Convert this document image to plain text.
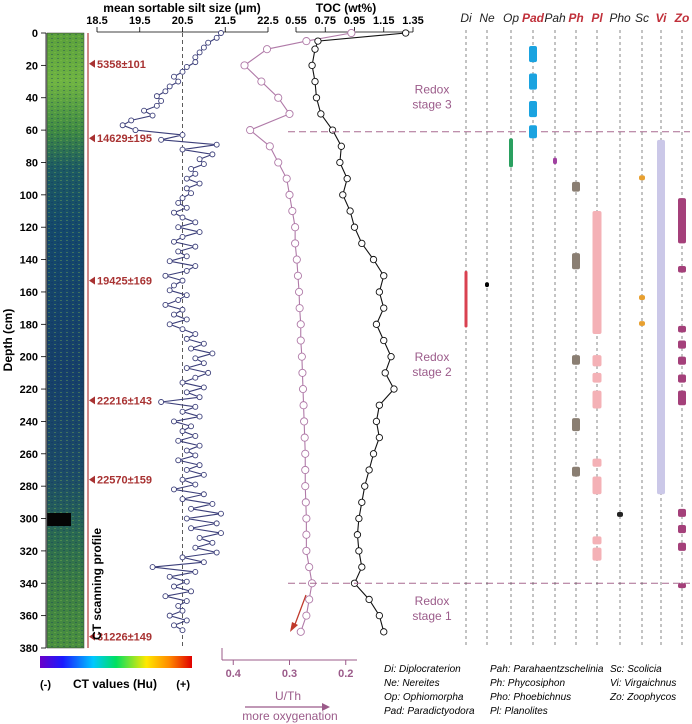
0
20
40
60
80
100
120
140
160
180
200
220
240
260
280
300
320
340
360
380
Depth (cm)
5358±101
14629±195
19425±169
22216±143
22570±159
31226±149
CT scanning profile
(-) CT values (Hu) (+)
mean sortable silt size (μm)
18.5 19.5 20.5 21.5 22.5
TOC (wt%)
0.55 0.75 0.95 1.15 1.35
0.4	0.3	0.2
U/Th
more oxygenation
Redox
stage 3
Redox
stage 2
Redox
stage 1
Di Ne Op Pad Pah Ph Pl Pho Sc Vi Zo
Di: Diplocraterion
Ne: Nereites
Op: Ophiomorpha
Pad: Paradictyodora
Pah: Parahaentzschelinia
Ph: Phycosiphon
Pho: Phoebichnus
Pl: Planolites
Sc: Scolicia
Vi: Virgaichnus
Zo: Zoophycos
